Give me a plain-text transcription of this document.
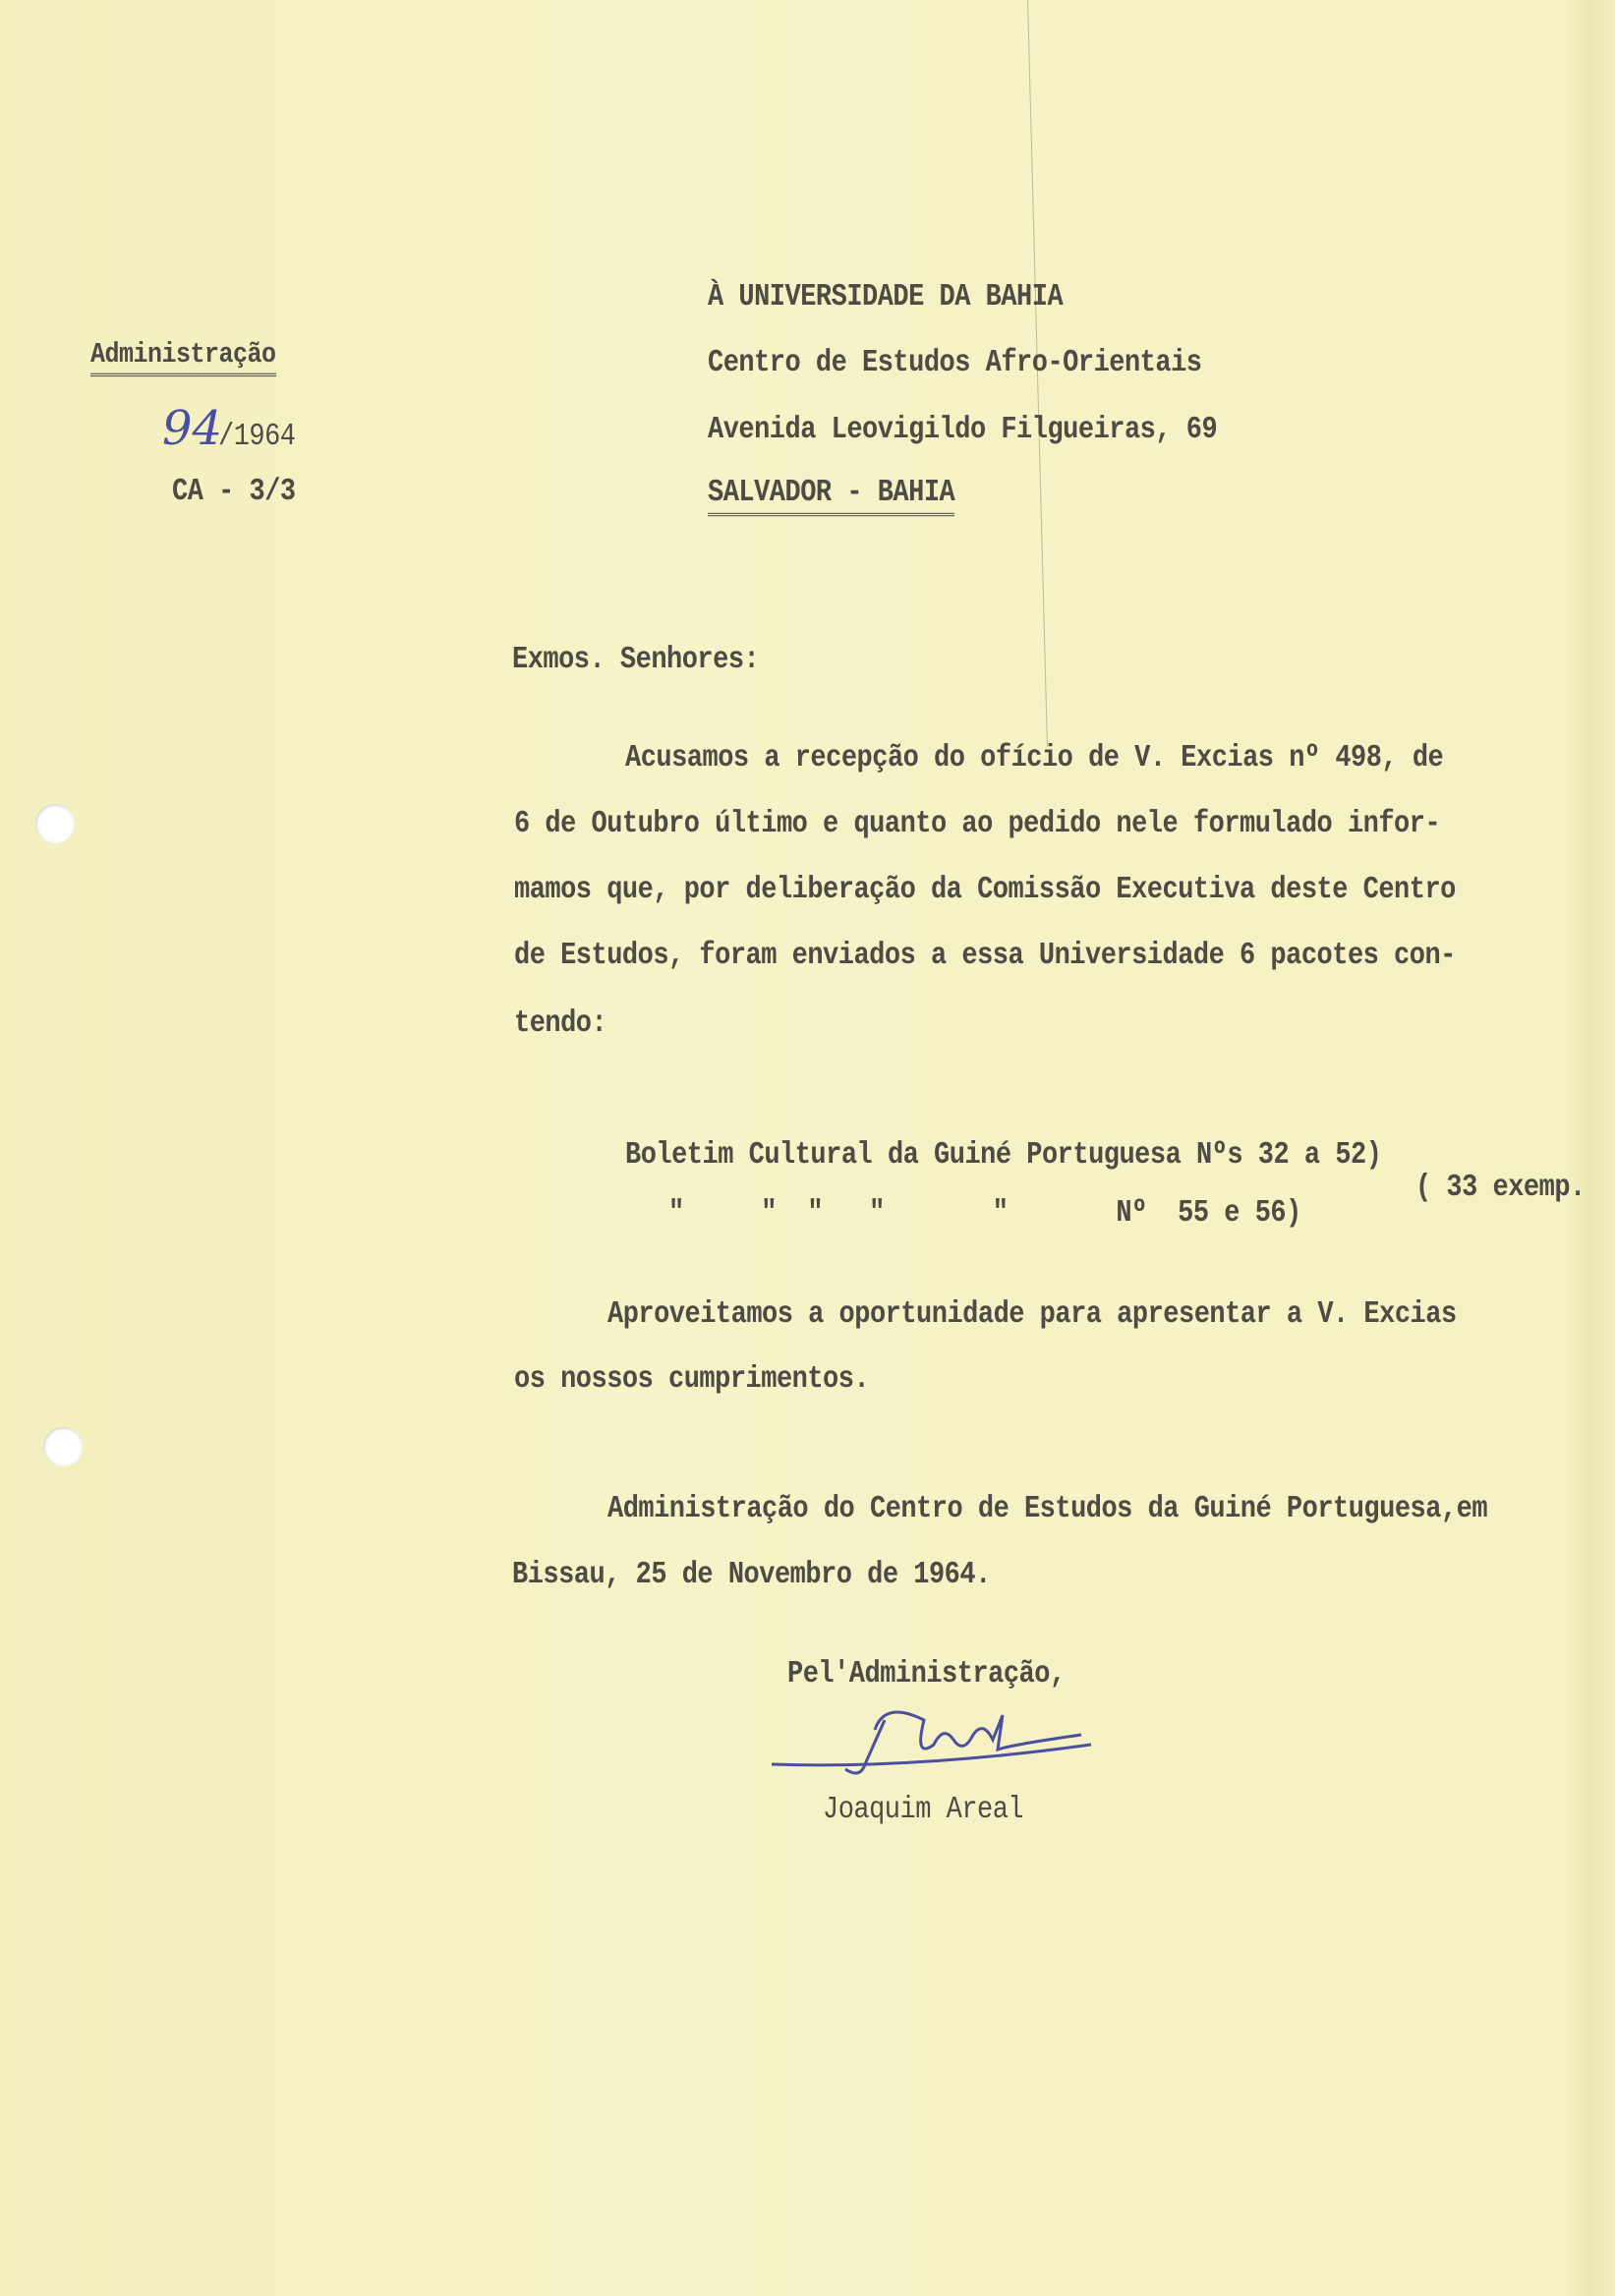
Administração
94
/1964
CA - 3/3
À UNIVERSIDADE DA BAHIA
Centro de Estudos Afro-Orientais
Avenida Leovigildo Filgueiras, 69
SALVADOR - BAHIA
Exmos. Senhores:
Acusamos a recepção do ofício de V. Excias nº 498, de
6 de Outubro último e quanto ao pedido nele formulado infor-
mamos que, por deliberação da Comissão Executiva deste Centro
de Estudos, foram enviados a essa Universidade 6 pacotes con-
tendo:
Boletim Cultural da Guiné Portuguesa Nºs 32 a 52)
"     "  "   "       "       Nº  55 e 56)
( 33 exemp.
Aproveitamos a oportunidade para apresentar a V. Excias
os nossos cumprimentos.
Administração do Centro de Estudos da Guiné Portuguesa,em
Bissau, 25 de Novembro de 1964.
Pel'Administração,
Joaquim Areal
